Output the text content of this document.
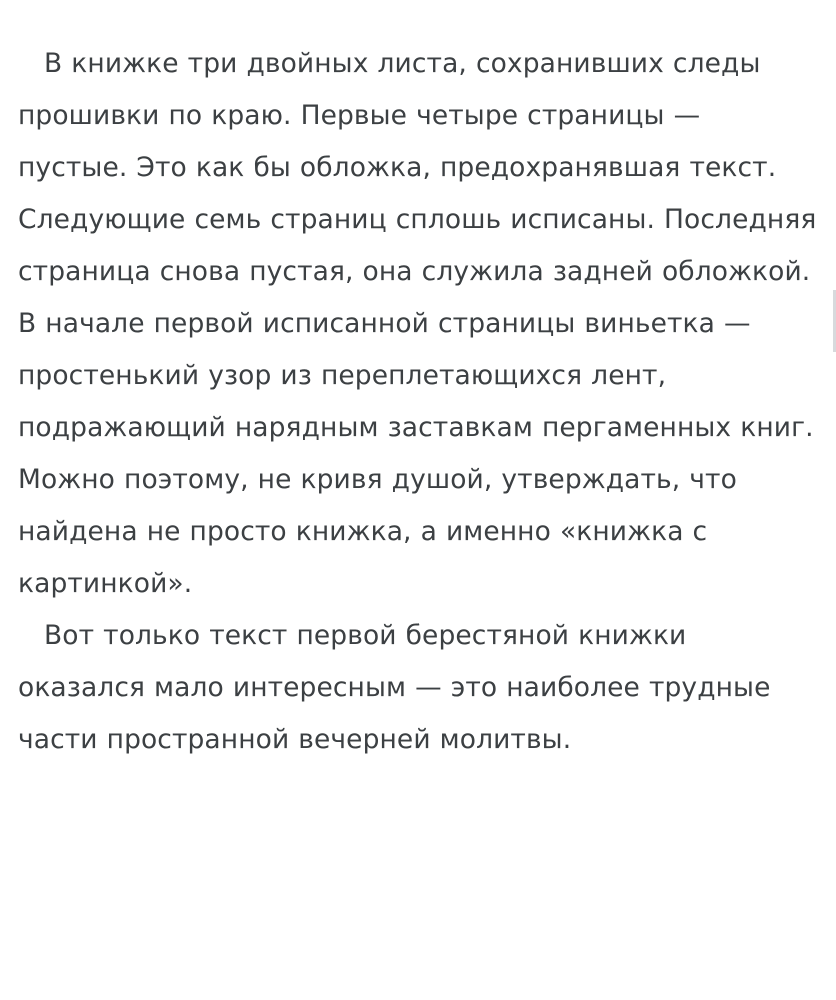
В книжке три двойных листа, сохранивших следы прошивки по краю. Первые четыре страницы — пустые. Это как бы обложка, предохранявшая текст. Следующие семь страниц сплошь исписаны. Последняя страница снова пустая, она служила задней обложкой. В начале первой исписанной страницы виньетка — простенький узор из переплетающихся лент, подражающий нарядным заставкам пергаменных книг. Можно поэтому, не кривя душой, утверждать, что найдена не просто книжка, а именно «книжка с картинкой».

Вот только текст первой берестяной книжки оказался мало интересным — это наиболее трудные части пространной вечерней молитвы.
